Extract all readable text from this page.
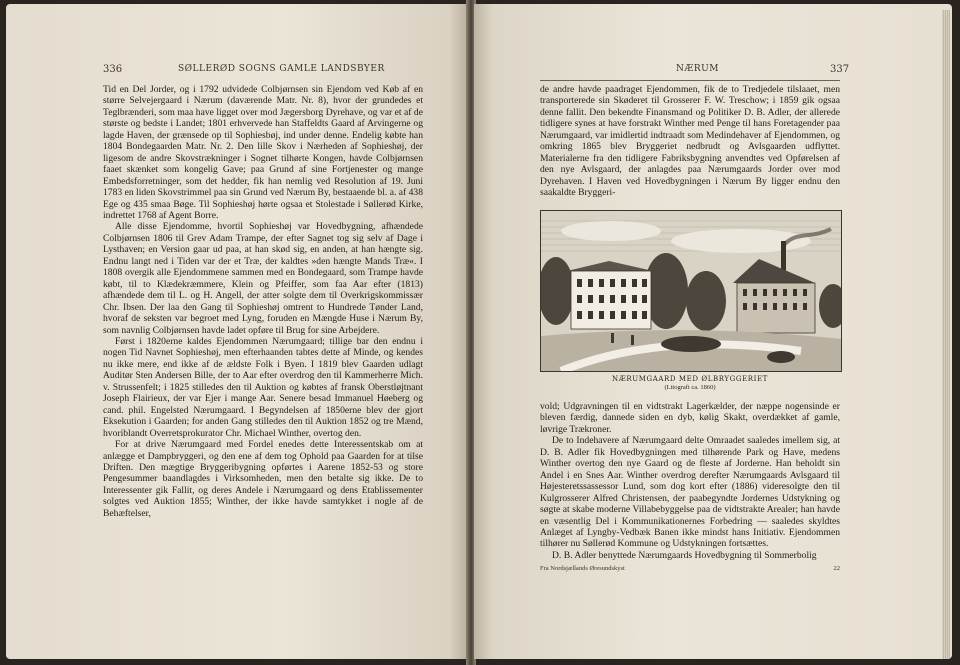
336	SØLLERØD SOGNS GAMLE LANDSBYER

Tid en Del Jorder, og i 1792 udvidede Colbjørnsen sin Ejendom ved Køb af en større Selvejergaard i Nærum (daværende Matr. Nr. 8), hvor der grundedes et Teglbrænderi, som maa have ligget over mod Jægersborg Dyrehave, og var et af de største og bedste i Landet; 1801 erhvervede han Staffeldts Gaard af Arvingerne og lagde Haven, der grænsede op til Sophiesbøj, ind under denne. Endelig købte han 1804 Bondegaarden Matr. Nr. 2. Den lille Skov i Nærheden af Sophieshøj, der ligesom de andre Skovstrækninger i Sognet tilhørte Kongen, havde Colbjørnsen faaet skænket som kongelig Gave; paa Grund af sine Fortjenester og mange Embedsforretninger, som det hedder, fik han nemlig ved Resolution af 19. Juni 1783 en liden Skovstrimmel paa sin Grund ved Nærum By, bestaaende bl. a. af 438 Ege og 435 smaa Bøge. Til Sophieshøj hørte ogsaa et Stolestade i Søllerød Kirke, indrettet 1768 af Agent Borre.

Alle disse Ejendomme, hvortil Sophieshøj var Hovedbygning, afhændede Colbjørnsen 1806 til Grev Adam Trampe, der efter Sagnet tog sig selv af Dage i Lysthaven; en Version gaar ud paa, at han skød sig, en anden, at han hængte sig. Endnu langt ned i Tiden var der et Træ, der kaldtes »den hængte Mands Træ«. I 1808 overgik alle Ejendommene sammen med en Bondegaard, som Trampe havde købt, til to Klædekræmmere, Klein og Pfeiffer, som faa Aar efter (1813) afhændede dem til L. og H. Angell, der atter solgte dem til Overkrigskommissær Chr. Ibsen. Der laa den Gang til Sophieshøj omtrent to Hundrede Tønder Land, hvoraf de seksten var begroet med Lyng, foruden en Mængde Huse i Nærum By, som navnlig Colbjørnsen havde ladet opføre til Brug for sine Arbejdere.

Først i 1820erne kaldes Ejendommen Nærumgaard; tillige bar den endnu i nogen Tid Navnet Sophieshøj, men efterhaanden tabtes dette af Minde, og kendes nu ikke mere, end ikke af de ældste Folk i Byen. I 1819 blev Gaarden udlagt Auditør Sten Andersen Bille, der to Aar efter overdrog den til Kammerherre Mich. v. Strussenfelt; i 1825 stilledes den til Auktion og købtes af fransk Oberstløjtnant Joseph Flairieux, der var Ejer i mange Aar. Senere besad Immanuel Høeberg og cand. phil. Engelsted Nærumgaard. I Begyndelsen af 1850erne blev der gjort Eksekution i Gaarden; for anden Gang stilledes den til Auktion 1852 og tre Mænd, hvoriblandt Overretsprokurator Chr. Michael Winther, overtog den.

For at drive Nærumgaard med Fordel enedes dette Interessentskab om at anlægge et Dampbryggeri, og den ene af dem tog Ophold paa Gaarden for at tilse Driften. Den mægtige Bryggeribygning opførtes i Aarene 1852-53 og store Pengesummer baandlagdes i Virksomheden, men den betalte sig ikke. De to Interessenter gik Fallit, og deres Andele i Nærumgaard og dens Etablissementer solgtes ved Auktion 1855; Winther, der ikke havde samtykket i nogle af de Behæftelser,

NÆRUM	337

de andre havde paadraget Ejendommen, fik de to Tredjedele tilslaaet, men transporterede sin Skøderet til Grosserer F. W. Treschow; i 1859 gik ogsaa denne fallit. Den bekendte Finansmand og Politiker D. B. Adler, der allerede tidligere synes at have forstrakt Winther med Penge til hans Foretagender paa Nærumgaard, var imidlertid indtraadt som Medindehaver af Ejendommen, og omkring 1865 blev Bryggeriet nedbrudt og Avlsgaarden udflyttet. Materialerne fra den tidligere Fabriksbygning anvendtes ved Opførelsen af den nye Avlsgaard, der anlagdes paa Nærumgaards Jorder over mod Dyrehaven. I Haven ved Hovedbygningen i Nærum By ligger endnu den saakaldte Bryggeri-

NÆRUMGAARD MED ØLBRYGGERIET
(Litografi ca. 1860)

vold; Udgravningen til en vidtstrakt Lagerkælder, der næppe nogensinde er bleven færdig, dannede siden en dyb, kølig Skakt, overdækket af gamle, løvrige Trækroner.

De to Indehavere af Nærumgaard delte Omraadet saaledes imellem sig, at D. B. Adler fik Hovedbygningen med tilhørende Park og Have, medens Winther overtog den nye Gaard og de fleste af Jorderne. Han beholdt sin Andel i en Snes Aar. Winther overdrog derefter Nærumgaards Avlsgaard til Højesteretssassessor Lund, som dog kort efter (1886) videresolgte den til Kulgrosserer Alfred Christensen, der paabegyndte Jordernes Udstykning og søgte at skabe moderne Villabebyggelse paa de vidtstrakte Arealer; han havde en væsentlig Del i Kommunikationernes Forbedring — saaledes skyldtes Anlæget af Lyngby-Vedbæk Banen ikke mindst hans Initiativ. Ejendommen tilhører nu Søllerød Kommune og Udstykningen fortsættes.

D. B. Adler benyttede Nærumgaards Hovedbygning til Sommerbolig

Fra Nordsjællands Øresundskyst	22
